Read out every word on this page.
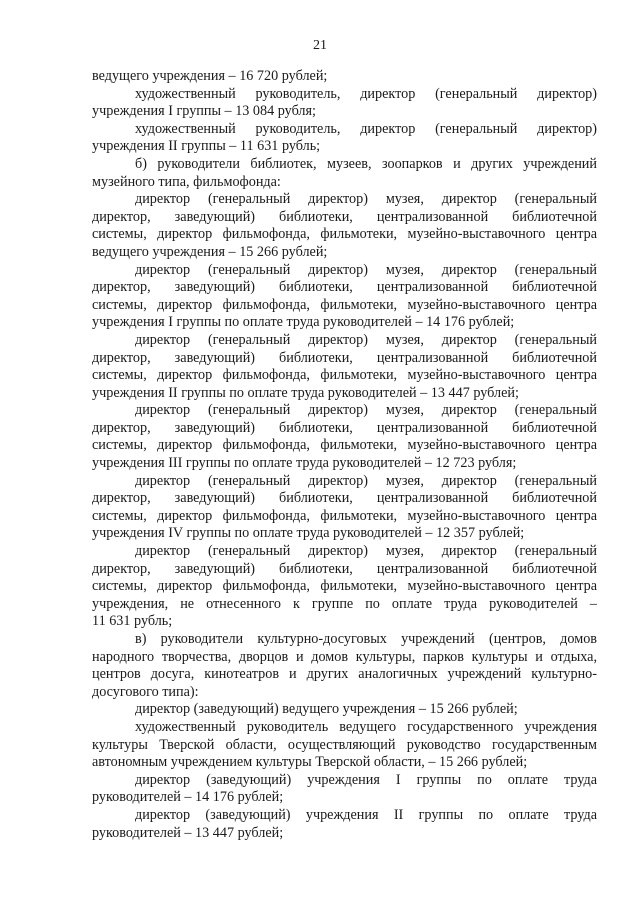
21
ведущего учреждения – 16 720 рублей;
художественный руководитель, директор (генеральный директор)
учреждения I группы – 13 084 рубля;
художественный руководитель, директор (генеральный директор)
учреждения II группы – 11 631 рубль;
б) руководители библиотек, музеев, зоопарков и других учреждений
музейного типа, фильмофонда:
директор (генеральный директор) музея, директор (генеральный
директор, заведующий) библиотеки, централизованной библиотечной
системы, директор фильмофонда, фильмотеки, музейно-выставочного центра
ведущего учреждения – 15 266 рублей;
директор (генеральный директор) музея, директор (генеральный
директор, заведующий) библиотеки, централизованной библиотечной
системы, директор фильмофонда, фильмотеки, музейно-выставочного центра
учреждения I группы по оплате труда руководителей – 14 176 рублей;
директор (генеральный директор) музея, директор (генеральный
директор, заведующий) библиотеки, централизованной библиотечной
системы, директор фильмофонда, фильмотеки, музейно-выставочного центра
учреждения II группы по оплате труда руководителей – 13 447 рублей;
директор (генеральный директор) музея, директор (генеральный
директор, заведующий) библиотеки, централизованной библиотечной
системы, директор фильмофонда, фильмотеки, музейно-выставочного центра
учреждения III группы по оплате труда руководителей – 12 723 рубля;
директор (генеральный директор) музея, директор (генеральный
директор, заведующий) библиотеки, централизованной библиотечной
системы, директор фильмофонда, фильмотеки, музейно-выставочного центра
учреждения IV группы по оплате труда руководителей – 12 357 рублей;
директор (генеральный директор) музея, директор (генеральный
директор, заведующий) библиотеки, централизованной библиотечной
системы, директор фильмофонда, фильмотеки, музейно-выставочного центра
учреждения, не отнесенного к группе по оплате труда руководителей –
11 631 рубль;
в) руководители культурно-досуговых учреждений (центров, домов
народного творчества, дворцов и домов культуры, парков культуры и отдыха,
центров досуга, кинотеатров и других аналогичных учреждений культурно-
досугового типа):
директор (заведующий) ведущего учреждения – 15 266 рублей;
художественный руководитель ведущего государственного учреждения
культуры Тверской области, осуществляющий руководство государственным
автономным учреждением культуры Тверской области, – 15 266 рублей;
директор (заведующий) учреждения I группы по оплате труда
руководителей – 14 176 рублей;
директор (заведующий) учреждения II группы по оплате труда
руководителей – 13 447 рублей;
